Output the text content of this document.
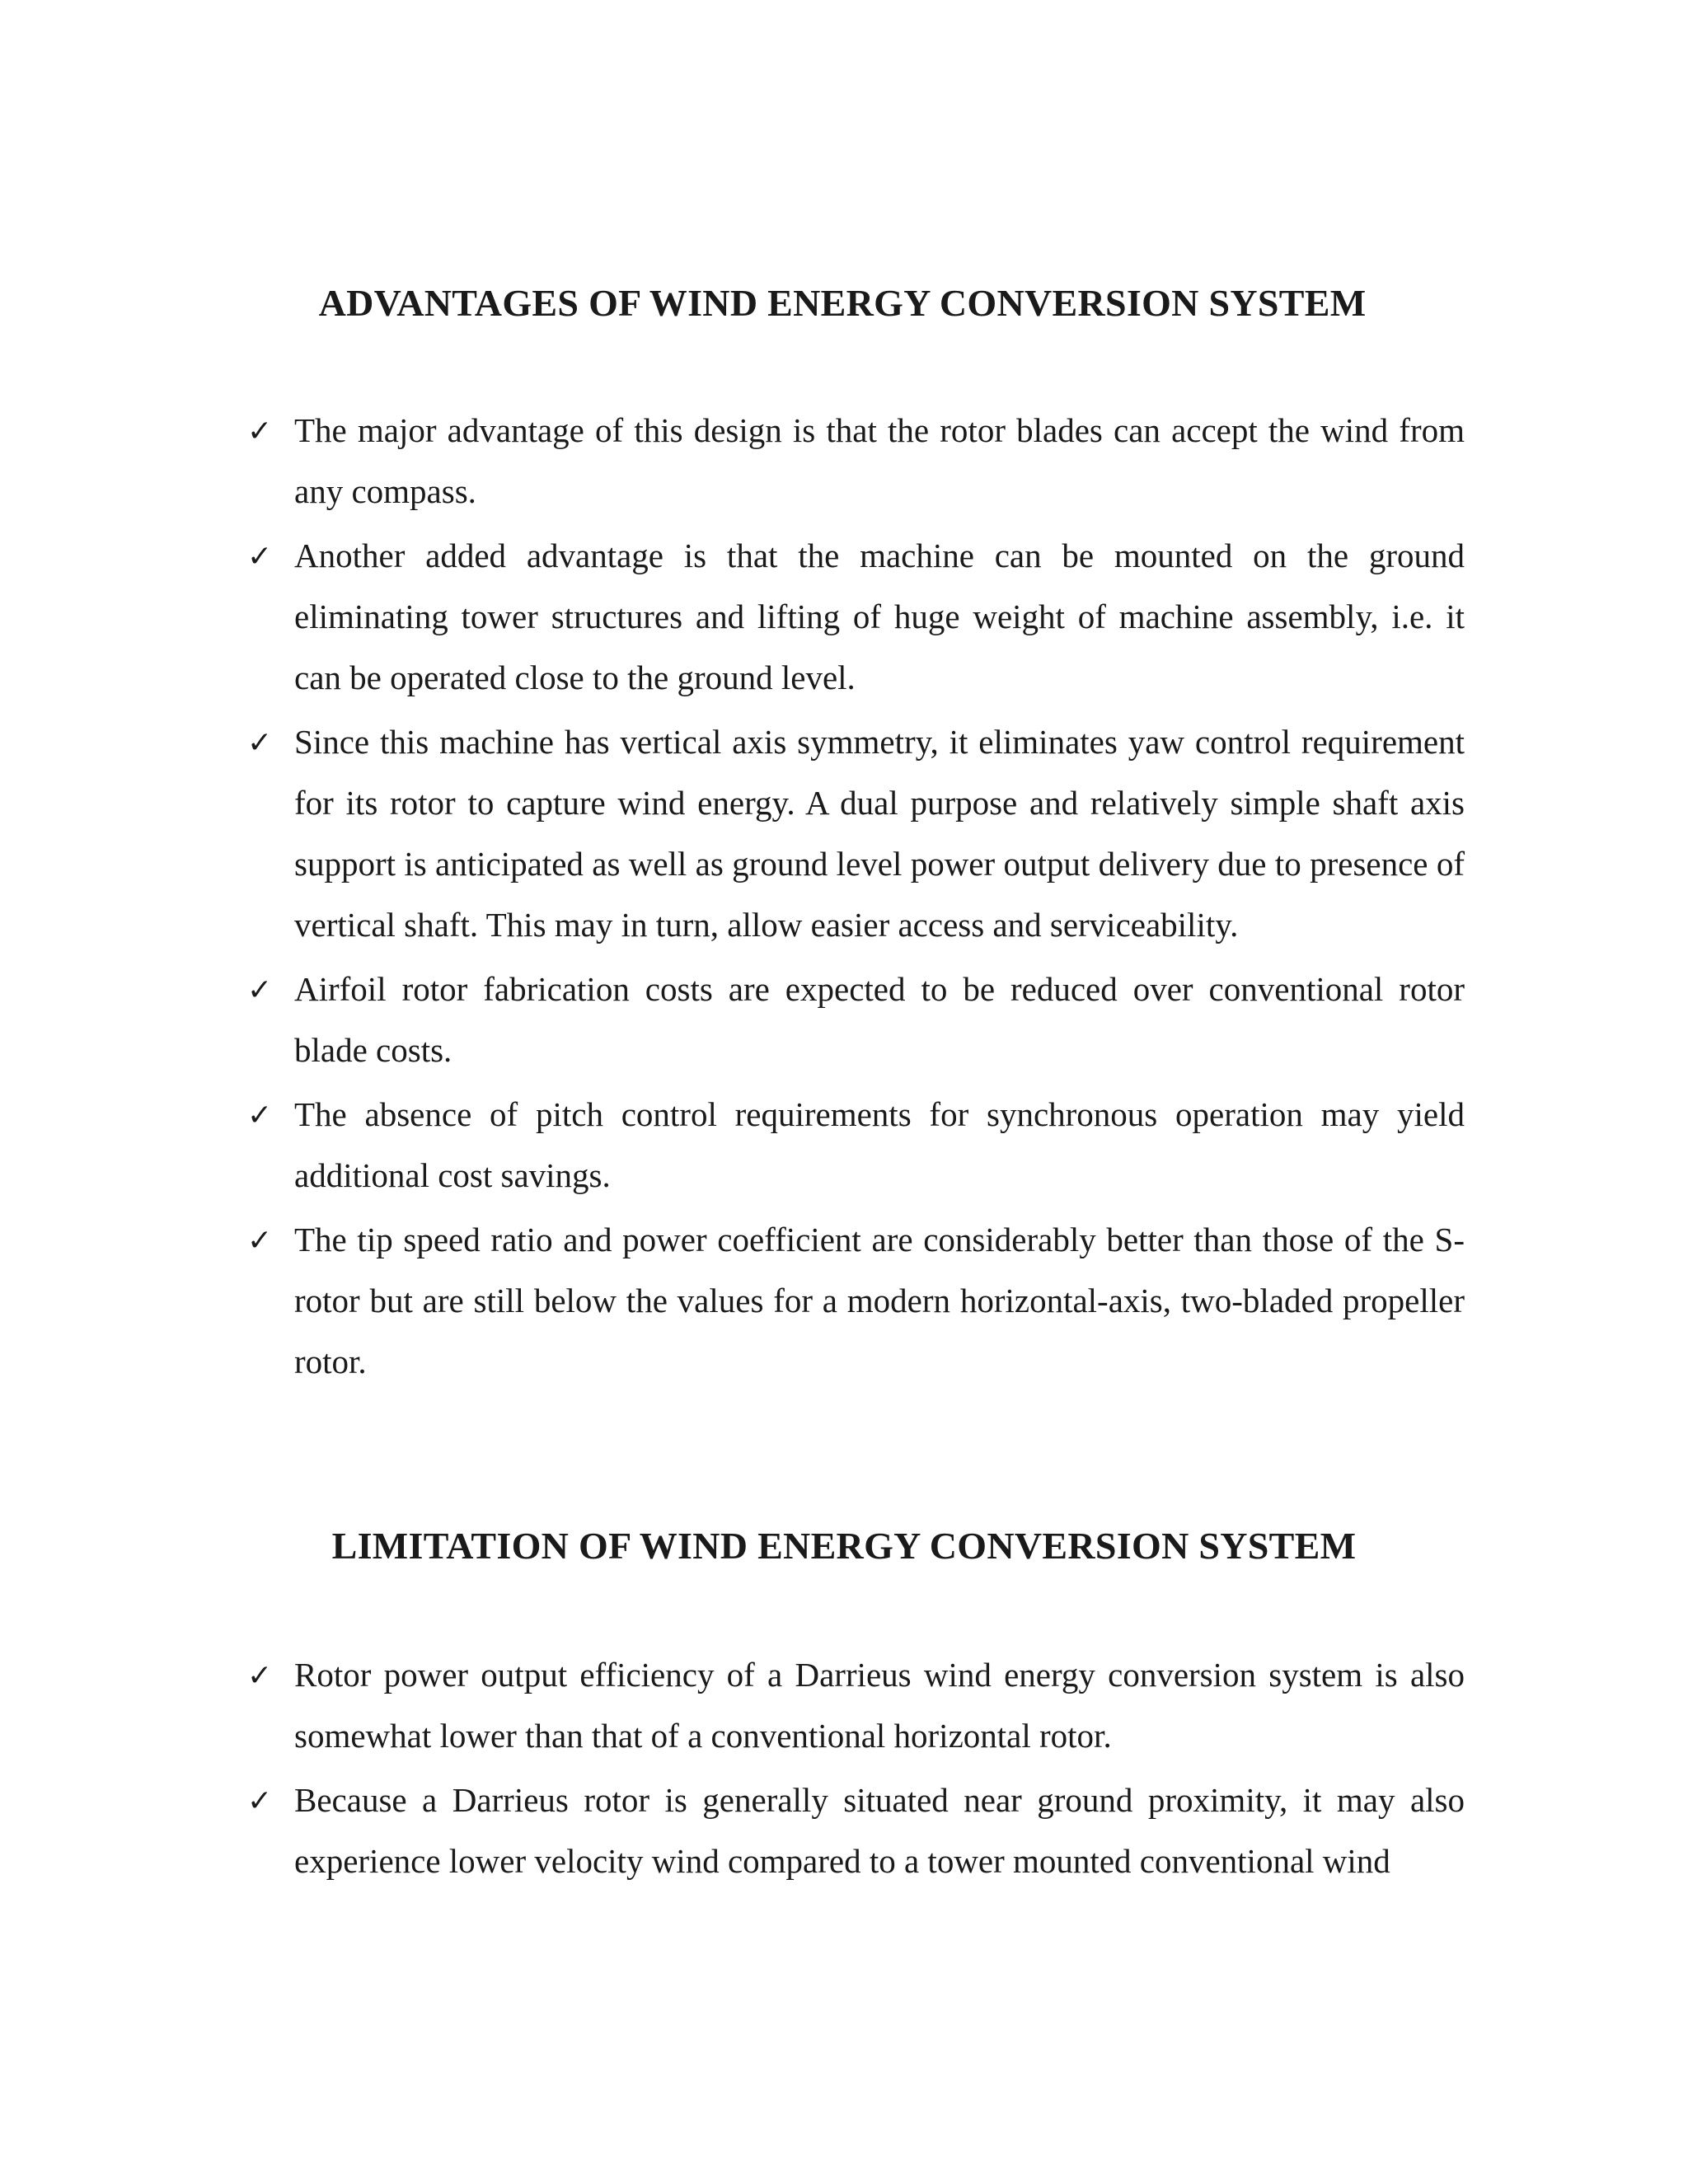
ADVANTAGES OF WIND ENERGY CONVERSION SYSTEM
✓ The major advantage of this design is that the rotor blades can accept the wind from any compass.
✓ Another added advantage is that the machine can be mounted on the ground eliminating tower structures and lifting of huge weight of machine assembly, i.e. it can be operated close to the ground level.
✓ Since this machine has vertical axis symmetry, it eliminates yaw control requirement for its rotor to capture wind energy. A dual purpose and relatively simple shaft axis support is anticipated as well as ground level power output delivery due to presence of vertical shaft. This may in turn, allow easier access and serviceability.
✓ Airfoil rotor fabrication costs are expected to be reduced over conventional rotor blade costs.
✓ The absence of pitch control requirements for synchronous operation may yield additional cost savings.
✓ The tip speed ratio and power coefficient are considerably better than those of the S-rotor but are still below the values for a modern horizontal-axis, two-bladed propeller rotor.
LIMITATION OF WIND ENERGY CONVERSION SYSTEM
✓ Rotor power output efficiency of a Darrieus wind energy conversion system is also somewhat lower than that of a conventional horizontal rotor.
✓ Because a Darrieus rotor is generally situated near ground proximity, it may also experience lower velocity wind compared to a tower mounted conventional wind
